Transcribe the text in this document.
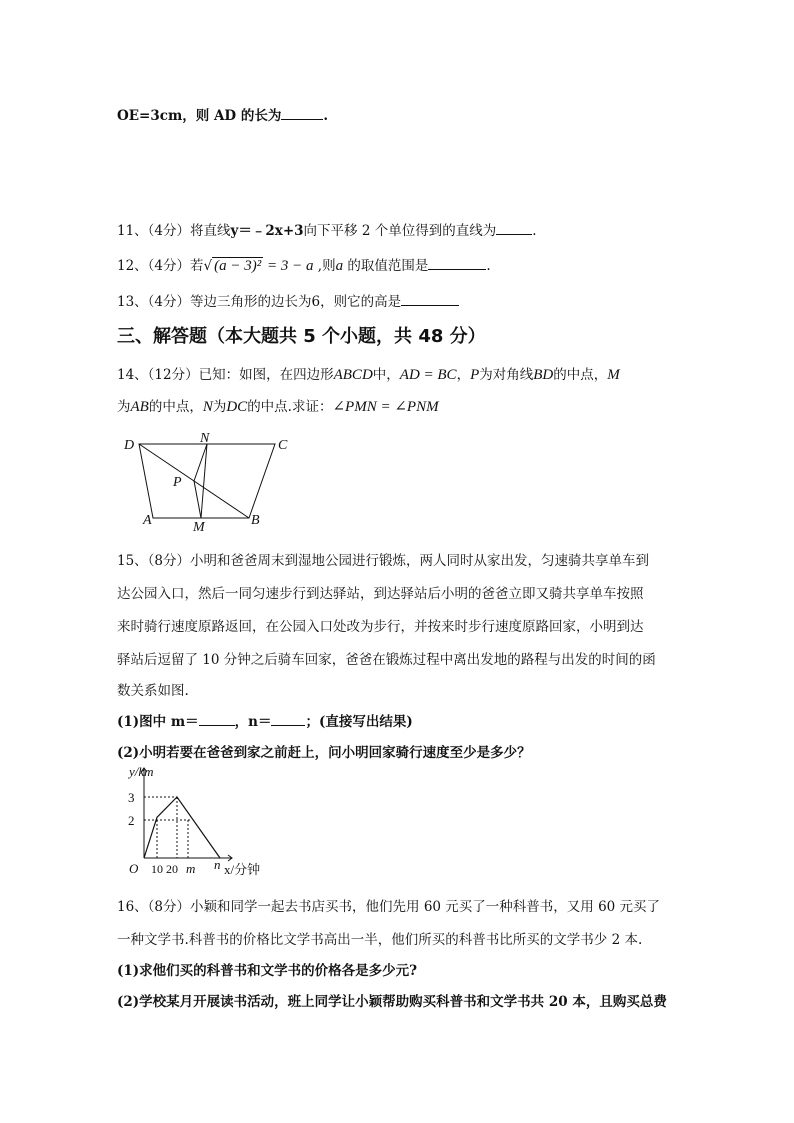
OE=3cm，则 AD 的长为	.
11、（4分）将直线y＝﹣2x+3向下平移 2 个单位得到的直线为	.
12、（4分）若√ (a − 3)² = 3 − a ,则a 的取值范围是	.
13、（4分）等边三角形的边长为6，则它的高是
三、解答题（本大题共 5 个小题，共 48 分）
14、（12分）已知：如图，在四边形ABCD中，AD = BC，P为对角线BD的中点，M
为AB的中点，N为DC的中点.求证：∠PMN = ∠PNM
D	N	C
P
A	M	B
15、（8分）小明和爸爸周末到湿地公园进行锻炼，两人同时从家出发，匀速骑共享单车到
达公园入口，然后一同匀速步行到达驿站，到达驿站后小明的爸爸立即又骑共享单车按照
来时骑行速度原路返回，在公园入口处改为步行，并按来时步行速度原路回家，小明到达
驿站后逗留了 10 分钟之后骑车回家，爸爸在锻炼过程中离出发地的路程与出发的时间的函
数关系如图.
(1)图中 m＝	，n＝	；(直接写出结果)
(2)小明若要在爸爸到家之前赶上，问小明回家骑行速度至少是多少？
y/km
3
2
O 10 20 m n x/分钟
16、（8分）小颖和同学一起去书店买书，他们先用 60 元买了一种科普书，又用 60 元买了
一种文学书.科普书的价格比文学书高出一半，他们所买的科普书比所买的文学书少 2 本.
(1)求他们买的科普书和文学书的价格各是多少元?
(2)学校某月开展读书活动，班上同学让小颖帮助购买科普书和文学书共 20 本，且购买总费
